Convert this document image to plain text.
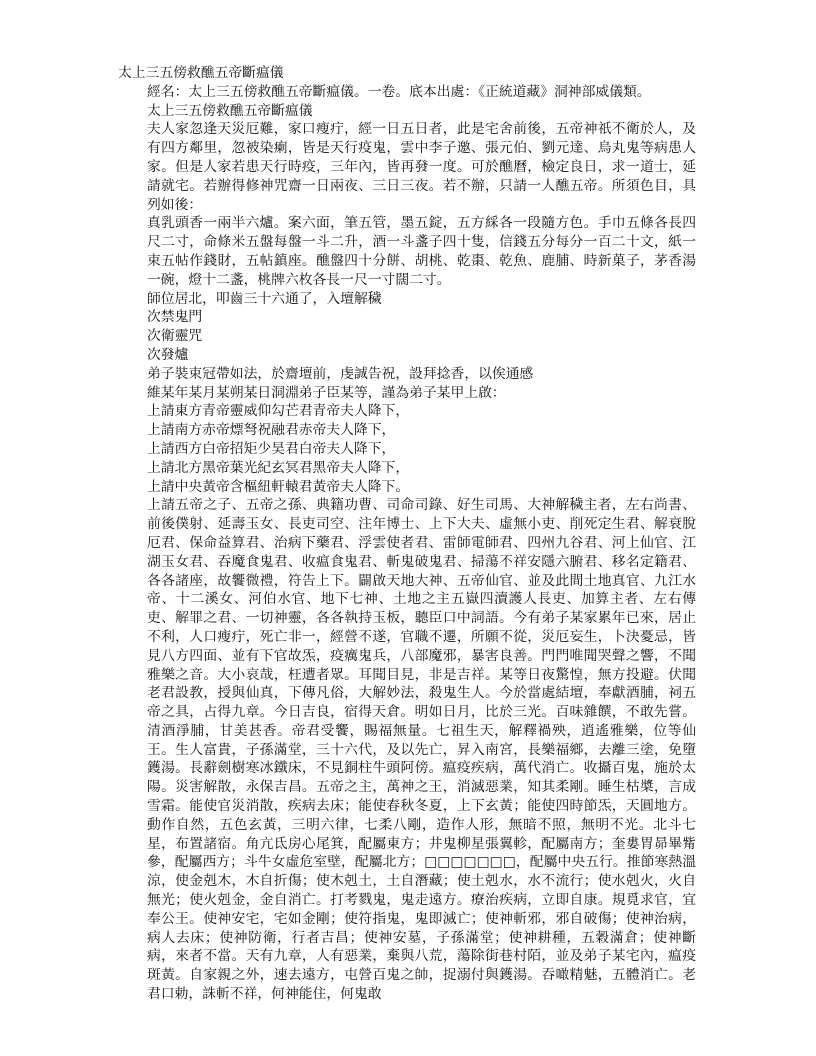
太上三五傍救醮五帝斷瘟儀

經名：太上三五傍救醮五帝斷瘟儀。一卷。底本出處：《正統道藏》洞神部威儀類。

太上三五傍救醮五帝斷瘟儀

夫人家忽逢天災厄難，家口瘦疔，經一日五日者，此是宅舍前後，五帝神祇不衛於人，及有四方鄰里，忽被染瘌，皆是天行疫鬼，雲中李子邀、張元伯、劉元達、烏丸鬼等病患人家。但是人家若患天行時疫，三年內，皆再發一度。可於醮曆，檢定良日，求一道士，延請就宅。若辦得修神咒齋一日兩夜、三日三夜。若不辦，只請一人醮五帝。所須色目，具列如後：

真乳頭香一兩半六爐。案六面，筆五管，墨五錠，五方綵各一段隨方色。手巾五條各長四尺二寸，命條米五盤每盤一斗二升，酒一斗盞子四十隻，信錢五分每分一百二十文，紙一束五帖作錢財，五帖鎮座。醮盤四十分餅、胡桃、乾棗、乾魚、鹿脯、時新菓子，茅香湯一碗，燈十二盞，桃牌六枚各長一尺一寸闊二寸。

師位居北，叩齒三十六通了，入壇解穢

次禁鬼門

次衛靈咒

次發爐

弟子裝束冠帶如法，於齋壇前，虔誠告祝，設拜捻香，以俟通感

維某年某月某朔某日洞淵弟子臣某等，謹為弟子某甲上啟：

上請東方青帝靈威仰勾芒君青帝夫人降下，

上請南方赤帝熛弩祝融君赤帝夫人降下，

上請西方白帝招矩少昊君白帝夫人降下，

上請北方黑帝葉光紀玄冥君黑帝夫人降下，

上請中央黃帝含樞紐軒轅君黃帝夫人降下。

上請五帝之子、五帝之孫、典籍功曹、司命司錄、好生司馬、大神解穢主者，左右尚書、前後僕射、延壽玉女、長吏司空、注年博士、上下大夫、虛無小吏、削死定生君、解衰脫厄君、保命益算君、治病下藥君、浮雲使者君、雷師電師君、四州九谷君、河上仙官、江湖玉女君、吞魔食鬼君、收瘟食鬼君、斬鬼破鬼君、掃蕩不祥安隱六腑君、移名定籍君、各各諸座，故饗微禮，符告上下。闢啟天地大神、五帝仙官、並及此間土地真官、九江水帝、十二溪女、河伯水官、地下七神、土地之主五嶽四瀆護人長吏、加算主者、左右傳吏、解罪之君、一切神靈，各各執持玉板，聽臣口中詞語。今有弟子某家累年已來，居止不利，人口瘦疔，死亡非一，經營不遂，官職不遷，所願不從，災厄妄生，卜決憂忌，皆見八方四面、並有下官故炁，疫癘鬼兵，八部魔邪，暴害良善。門門唯聞哭聲之響，不聞雅樂之音。大小哀哉，枉遭者眾。耳聞目見，非是吉祥。某等日夜驚惶，無方投避。伏聞老君設教，授與仙真，下傳凡俗，大解妙法，殺鬼生人。今於當處結壇，奉獻酒脯，祠五帝之具，占得九章。今日吉良，宿得天倉。明如日月，比於三光。百味雜饌，不敢先嘗。清酒淨脯，甘美甚香。帝君受饗，賜福無量。七祖生天，解釋禍殃，逍遙雅樂，位等仙王。生人富貴，子孫滿堂，三十六代，及以先亡，昇入南宮，長樂福鄉，去離三塗，免墮鑊湯。長辭劍樹寒冰鐵床，不見銅柱牛頭阿傍。瘟疫疾病，萬代消亡。收攝百鬼，施於太陽。災害解散，永保吉昌。五帝之主，萬神之王，消滅惡業，知其柔剛。睡生枯槳，言成雪霜。能使官災消散，疾病去床；能使春秋冬夏，上下玄黃；能使四時節炁，天圓地方。動作自然，五色玄黃，三明六律，七柔八剛，造作人形，無暗不照，無明不光。北斗七星，布置諸宿。角亢氐房心尾箕，配屬東方；井鬼柳星張翼軫，配屬南方；奎婁胃昴畢觜參，配屬西方；斗牛女虛危室壁，配屬北方；□□□□□□□，配屬中央五行。推節寒熱溫涼，使金剋木，木自折傷；使木剋土，土自潛藏；使土剋水，水不流行；使水剋火，火自無光；使火剋金，金自消亡。打考戮鬼，鬼走遠方。療治疾病，立即自康。規覓求官，宜奉公王。使神安宅，宅如金剛；使符指鬼，鬼即滅亡；使神斬邪，邪自破傷；使神治病，病人去床；使神防衛，行者吉昌；使神安墓，子孫滿堂；使神耕種，五穀滿倉；使神斷病，來者不當。天有九章，人有惡業，棄與八荒，蕩除街巷村陌，並及弟子某宅內，瘟疫斑黃。自家親之外，速去遠方，屯營百鬼之帥，捉溺付與鑊湯。吞噉精魅，五體消亡。老君口勅，誅斬不祥，何神能住，何鬼敢
